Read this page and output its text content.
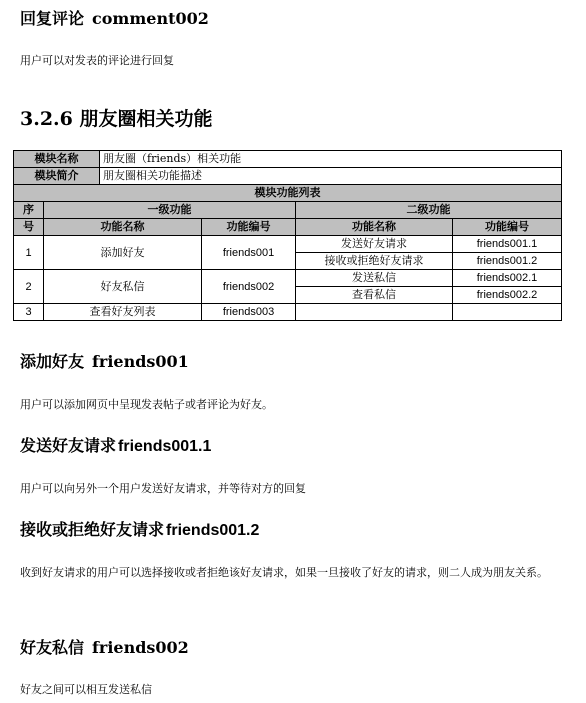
回复评论 comment002
用户可以对发表的评论进行回复
3.2.6 朋友圈相关功能
模块名称		朋友圈（friends）相关功能			
模块简介		朋友圈相关功能描述			
模块功能列表					
序	一级功能			二级功能	
号	功能名称		功能编号	功能名称	功能编号
1	添加好友		friends001	发送好友请求	friends001.1
				接收或拒绝好友请求	friends001.2
2	好友私信		friends002	发送私信	friends002.1
				查看私信	friends002.2
3	查看好友列表		friends003		
添加好友 friends001
用户可以添加网页中呈现发表帖子或者评论为好友。
发送好友请求 friends001.1
用户可以向另外一个用户发送好友请求，并等待对方的回复
接收或拒绝好友请求 friends001.2
收到好友请求的用户可以选择接收或者拒绝该好友请求，如果一旦接收了好友的请求，则二人成为朋友关系。
好友私信 friends002
好友之间可以相互发送私信
